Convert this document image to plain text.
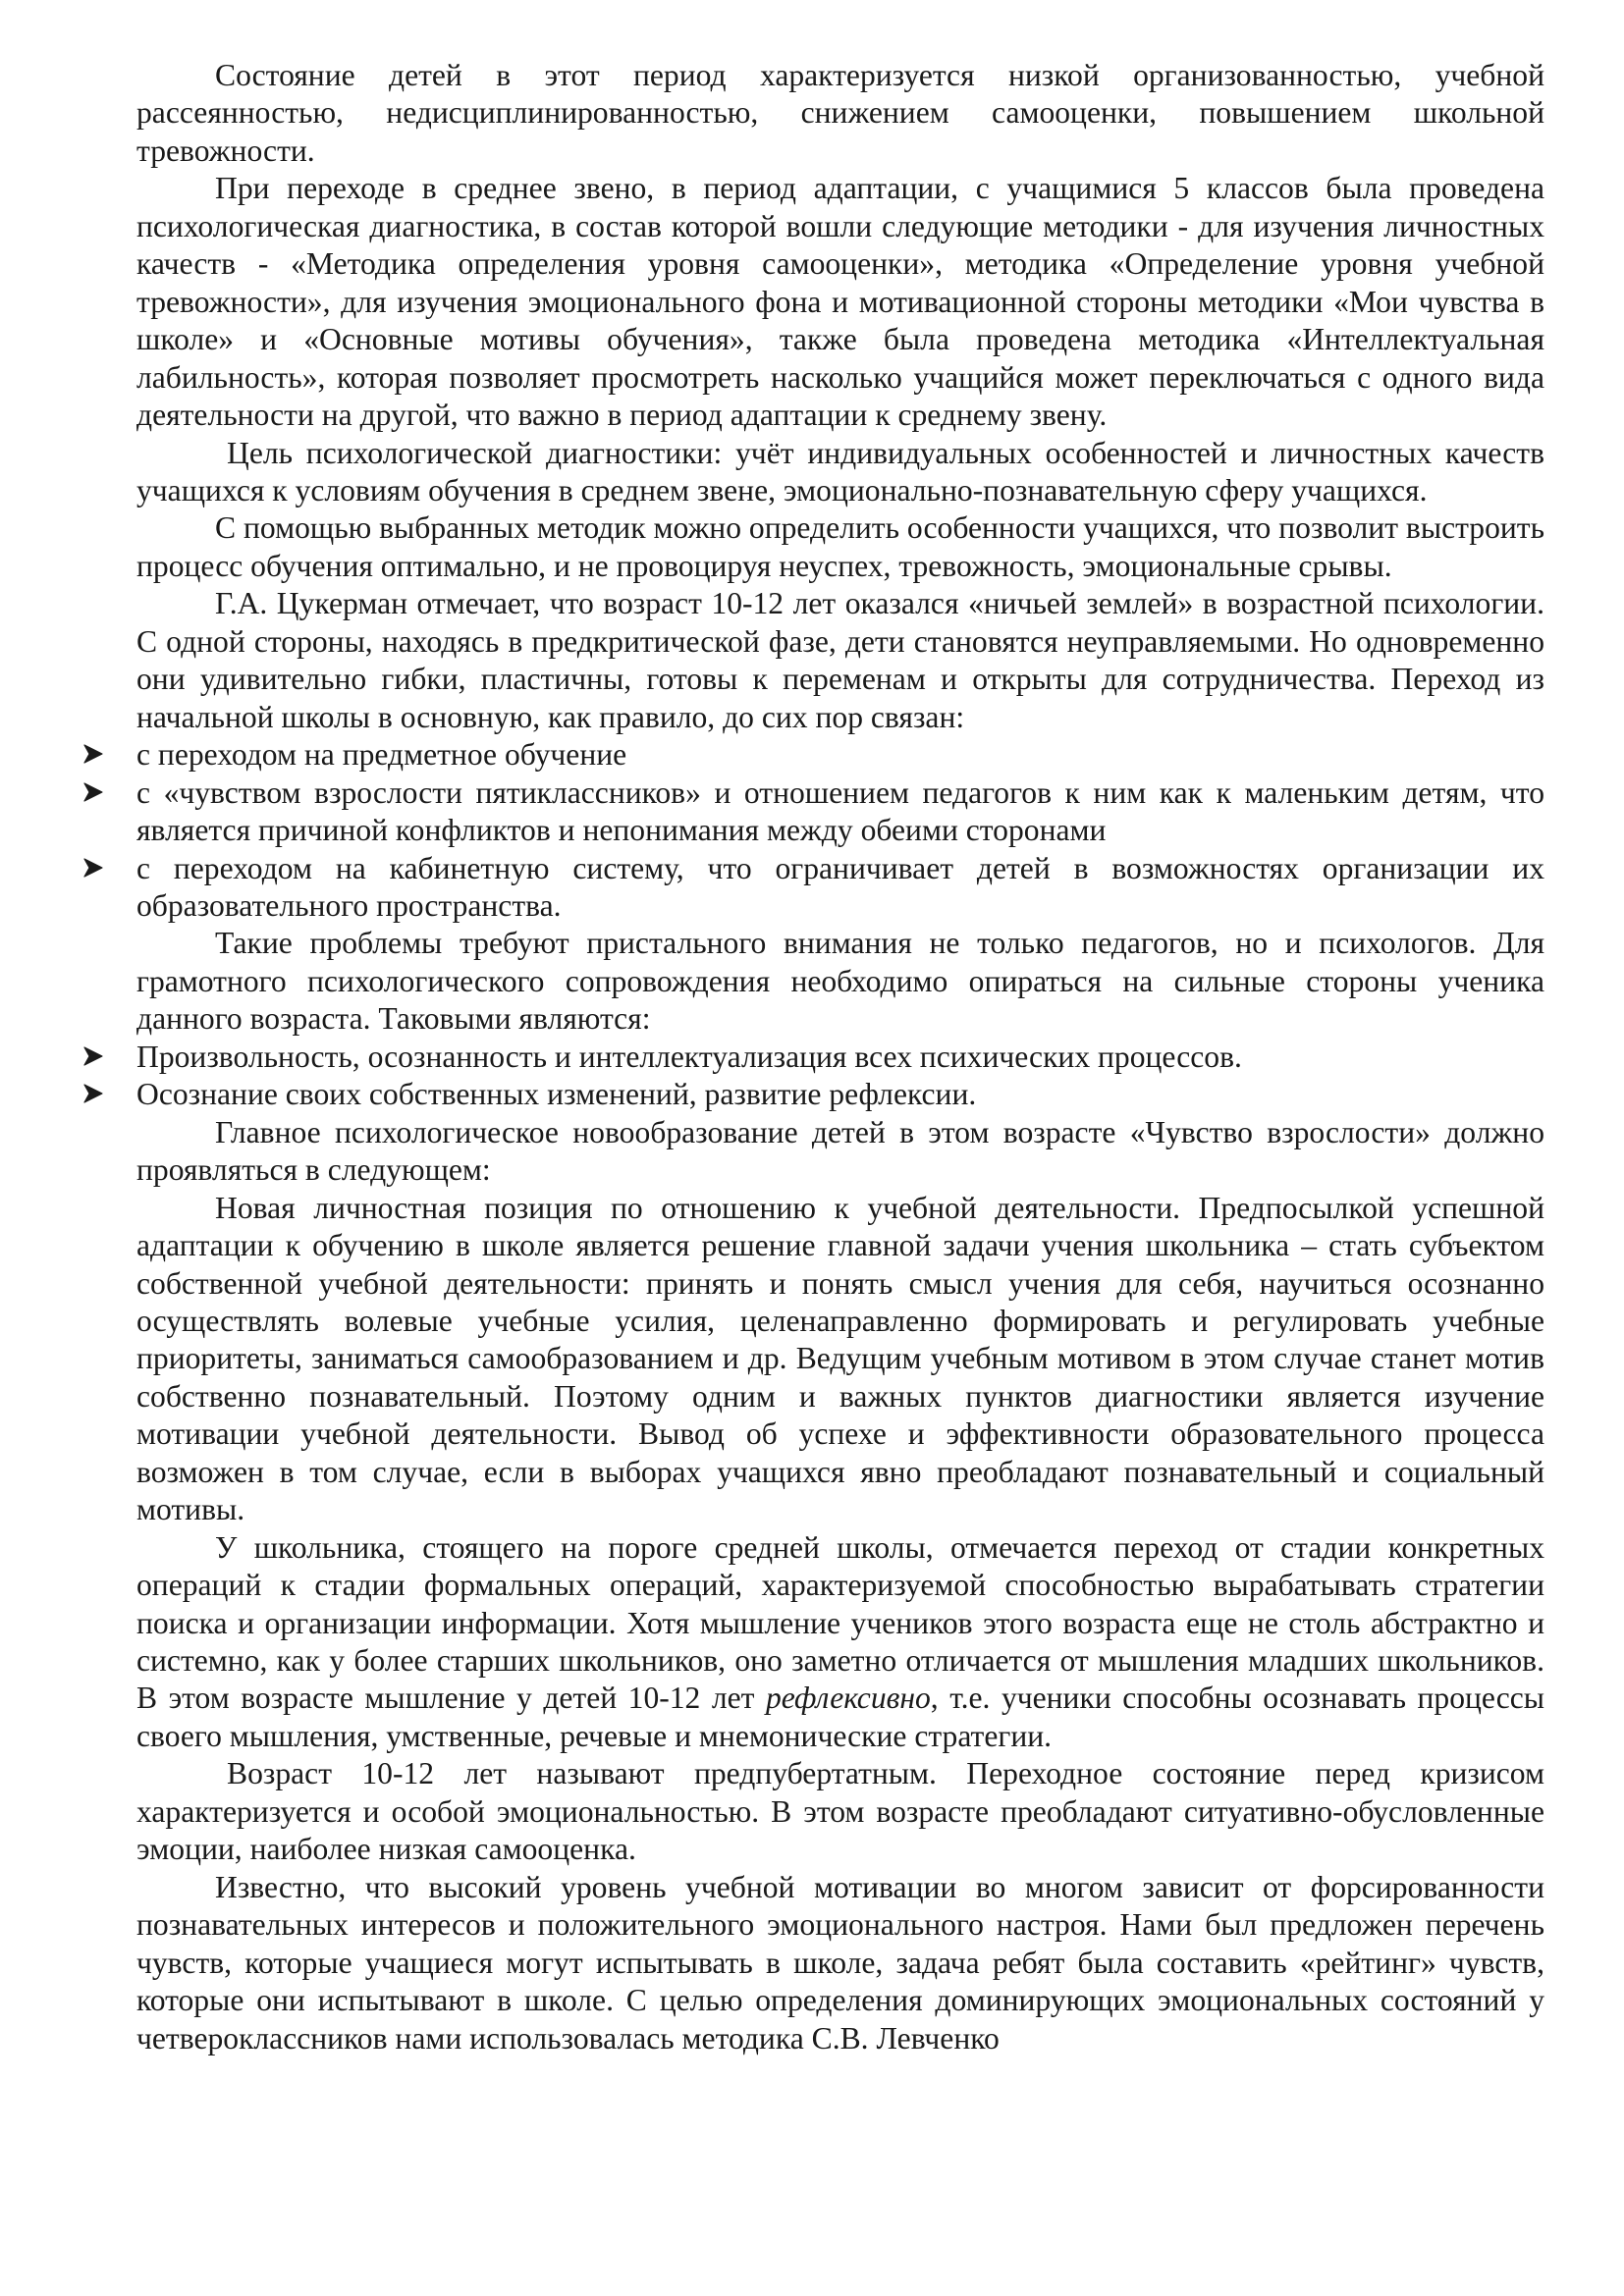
Состояние детей в этот период характеризуется низкой организованностью, учебной рассеянностью, недисциплинированностью, снижением самооценки, повышением школьной тревожности.

При переходе в среднее звено, в период адаптации, с учащимися 5 классов была проведена психологическая диагностика, в состав которой вошли следующие методики - для изучения личностных качеств - «Методика определения уровня самооценки», методика «Определение уровня учебной тревожности», для изучения эмоционального фона и мотивационной стороны методики «Мои чувства в школе» и «Основные мотивы обучения», также была проведена методика «Интеллектуальная лабильность», которая позволяет просмотреть насколько учащийся может переключаться с одного вида деятельности на другой, что важно в период адаптации к среднему звену.

Цель психологической диагностики: учёт индивидуальных особенностей и личностных качеств учащихся к условиям обучения в среднем звене, эмоционально-познавательную сферу учащихся.

С помощью выбранных методик можно определить особенности учащихся, что позволит выстроить процесс обучения оптимально, и не провоцируя неуспех, тревожность, эмоциональные срывы.

Г.А. Цукерман отмечает, что возраст 10-12 лет оказался «ничьей землей» в возрастной психологии. С одной стороны, находясь в предкритической фазе, дети становятся неуправляемыми. Но одновременно они удивительно гибки, пластичны, готовы к переменам и открыты для сотрудничества. Переход из начальной школы в основную, как правило, до сих пор связан:

с переходом на предметное обучение
с «чувством взрослости пятиклассников» и отношением педагогов к ним как к маленьким детям, что является причиной конфликтов и непонимания между обеими сторонами
с переходом на кабинетную систему, что ограничивает детей в возможностях организации их образовательного пространства.

Такие проблемы требуют пристального внимания не только педагогов, но и психологов. Для грамотного психологического сопровождения необходимо опираться на сильные стороны ученика данного возраста. Таковыми являются:

Произвольность, осознанность и интеллектуализация всех психических процессов.
Осознание своих собственных изменений, развитие рефлексии.

Главное психологическое новообразование детей в этом возрасте «Чувство взрослости» должно проявляться в следующем:

Новая личностная позиция по отношению к учебной деятельности. Предпосылкой успешной адаптации к обучению в школе является решение главной задачи учения школьника – стать субъектом собственной учебной деятельности: принять и понять смысл учения для себя, научиться осознанно осуществлять волевые учебные усилия, целенаправленно формировать и регулировать учебные приоритеты, заниматься самообразованием и др. Ведущим учебным мотивом в этом случае станет мотив собственно познавательный. Поэтому одним и важных пунктов диагностики является изучение мотивации учебной деятельности. Вывод об успехе и эффективности образовательного процесса возможен в том случае, если в выборах учащихся явно преобладают познавательный и социальный мотивы.

У школьника, стоящего на пороге средней школы, отмечается переход от стадии конкретных операций к стадии формальных операций, характеризуемой способностью вырабатывать стратегии поиска и организации информации. Хотя мышление учеников этого возраста еще не столь абстрактно и системно, как у более старших школьников, оно заметно отличается от мышления младших школьников. В этом возрасте мышление у детей 10-12 лет рефлексивно, т.е. ученики способны осознавать процессы своего мышления, умственные, речевые и мнемонические стратегии.

Возраст 10-12 лет называют предпубертатным. Переходное состояние перед кризисом характеризуется и особой эмоциональностью. В этом возрасте преобладают ситуативно-обусловленные эмоции, наиболее низкая самооценка.

Известно, что высокий уровень учебной мотивации во многом зависит от форсированности познавательных интересов и положительного эмоционального настроя. Нами был предложен перечень чувств, которые учащиеся могут испытывать в школе, задача ребят была составить «рейтинг» чувств, которые они испытывают в школе. С целью определения доминирующих эмоциональных состояний у четвероклассников нами использовалась методика С.В. Левченко
